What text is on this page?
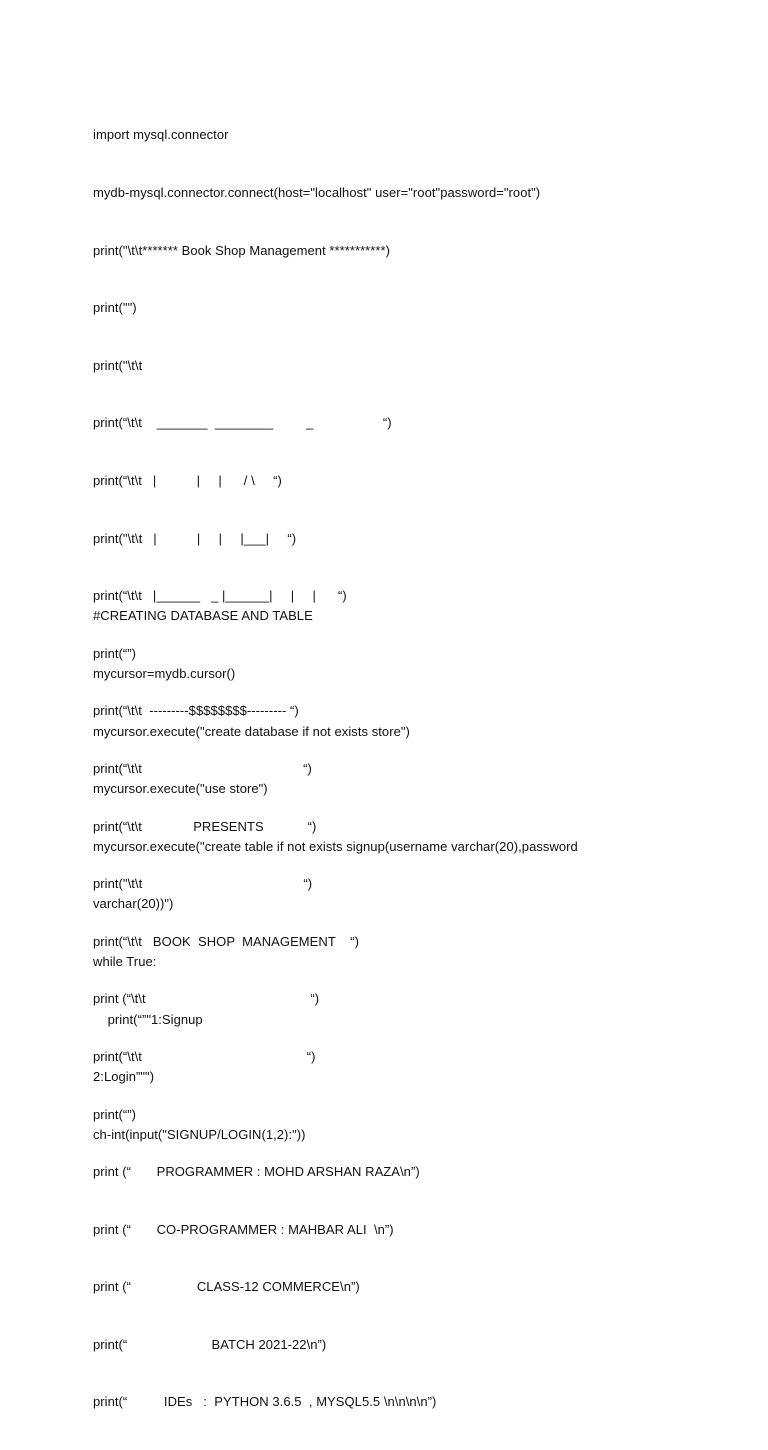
import mysql.connector

mydb-mysql.connector.connect(host="localhost" user="root"password="root")

print("\t\t******* Book Shop Management ***********)

print("")

print("\t\t

print(“\t\t    _______  ________         _                   “)

print(“\t\t   |           |     |      / \     “)

print("\t\t   |           |     |     |___|     “)

print(“\t\t   |______   _ |______|     |     |      “)

print(“”)

print(“\t\t  ---------$$$$$$$$--------- “)

print(“\t\t                                            “)

print(“\t\t              PRESENTS            “)

print("\t\t                                            “)

print(“\t\t   BOOK  SHOP  MANAGEMENT    “)

print (“\t\t                                             “)

print(“\t\t                                             “)

print(“”)

print (“       PROGRAMMER : MOHD ARSHAN RAZA\n”)

print (“       CO-PROGRAMMER : MAHBAR ALI  \n”)

print (“                  CLASS-12 COMMERCE\n”)

print(“                       BATCH 2021-22\n”)

print(“          IDEs   :  PYTHON 3.6.5  , MYSQL5.5 \n\n\n\n”)

#CREATING DATABASE AND TABLE

mycursor=mydb.cursor()

mycursor.execute("create database if not exists store")

mycursor.execute("use store")

mycursor.execute("create table if not exists signup(username varchar(20),password

varchar(20))")

while True:

print(“”"1:Signup

2:Login”"")

ch-int(input("SIGNUP/LOGIN(1,2):"))
